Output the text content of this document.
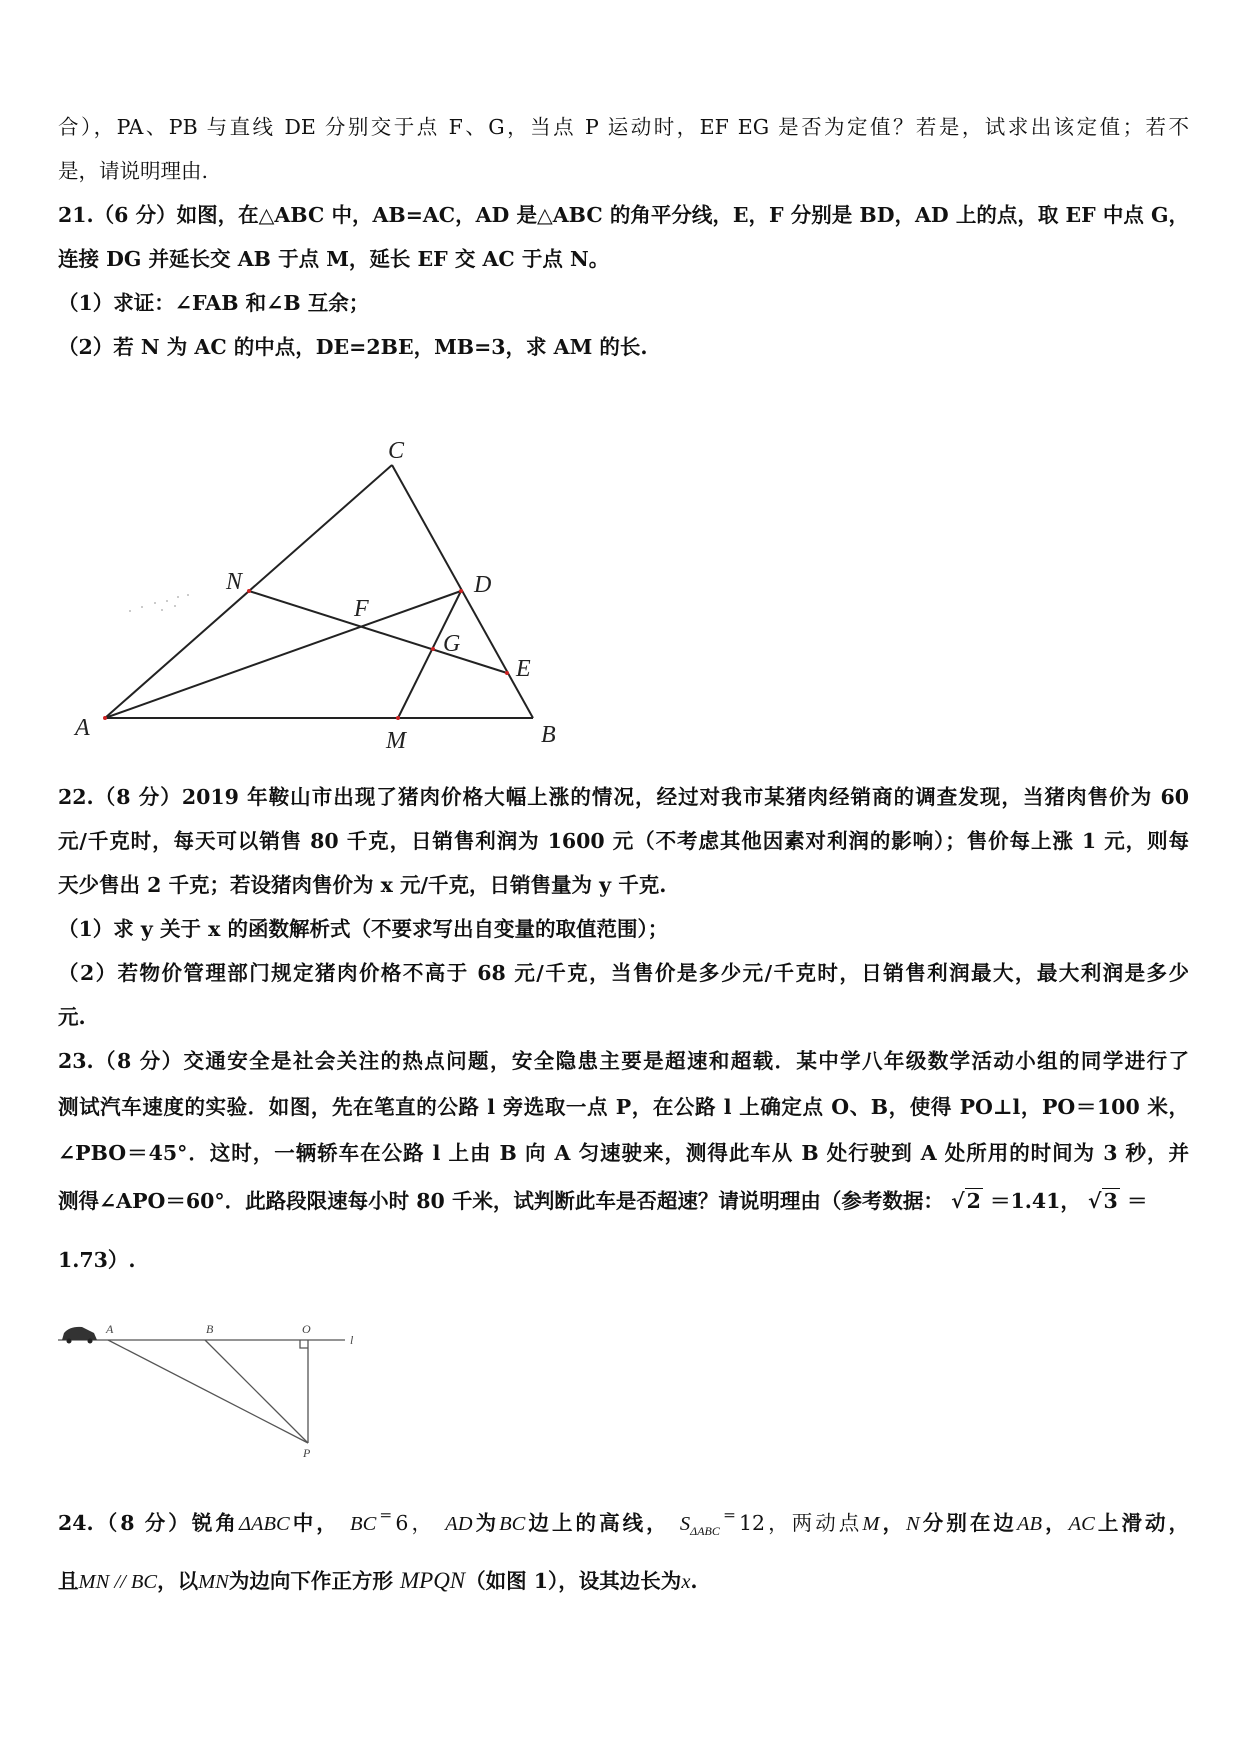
合），PA、PB 与直线 DE 分别交于点 F、G，当点 P 运动时，EF EG 是否为定值？若是，试求出该定值；若不
是，请说明理由.
21.（6 分）如图，在△ABC 中，AB=AC，AD 是△ABC 的角平分线，E，F 分别是 BD，AD 上的点，取 EF 中点 G，
连接 DG 并延长交 AB 于点 M，延长 EF 交 AC 于点 N。
（1）求证：∠FAB 和∠B 互余；
（2）若 N 为 AC 的中点，DE=2BE，MB=3，求 AM 的长.
C
D
N
F
G
E
A	M	B
22.（8 分）2019 年鞍山市出现了猪肉价格大幅上涨的情况，经过对我市某猪肉经销商的调查发现，当猪肉售价为 60
元/千克时，每天可以销售 80 千克，日销售利润为 1600 元（不考虑其他因素对利润的影响）；售价每上涨 1 元，则每
天少售出 2 千克；若设猪肉售价为 x 元/千克，日销售量为 y 千克.
（1）求 y 关于 x 的函数解析式（不要求写出自变量的取值范围）；
（2）若物价管理部门规定猪肉价格不高于 68 元/千克，当售价是多少元/千克时，日销售利润最大，最大利润是多少
元.
23.（8 分）交通安全是社会关注的热点问题，安全隐患主要是超速和超载．某中学八年级数学活动小组的同学进行了
测试汽车速度的实验．如图，先在笔直的公路 l 旁选取一点 P，在公路 l 上确定点 O、B，使得 PO⊥l，PO＝100 米，
∠PBO＝45°．这时，一辆轿车在公路 l 上由 B 向 A 匀速驶来，测得此车从 B 处行驶到 A 处所用的时间为 3 秒，并
测得∠APO＝60°．此路段限速每小时 80 千米，试判断此车是否超速？请说明理由（参考数据： √2 ＝1.41， √3 ＝
1.73）.
A	B	O
l
P
24.（8 分）锐角ΔABC中， BC＝6， AD为BC边上的高线， $S_{\Delta ABC}^=12$，两动点M，N分别在边AB，AC上滑动，
且MN // BC，以MN为边向下作正方形 MPQN（如图 1），设其边长为x.
